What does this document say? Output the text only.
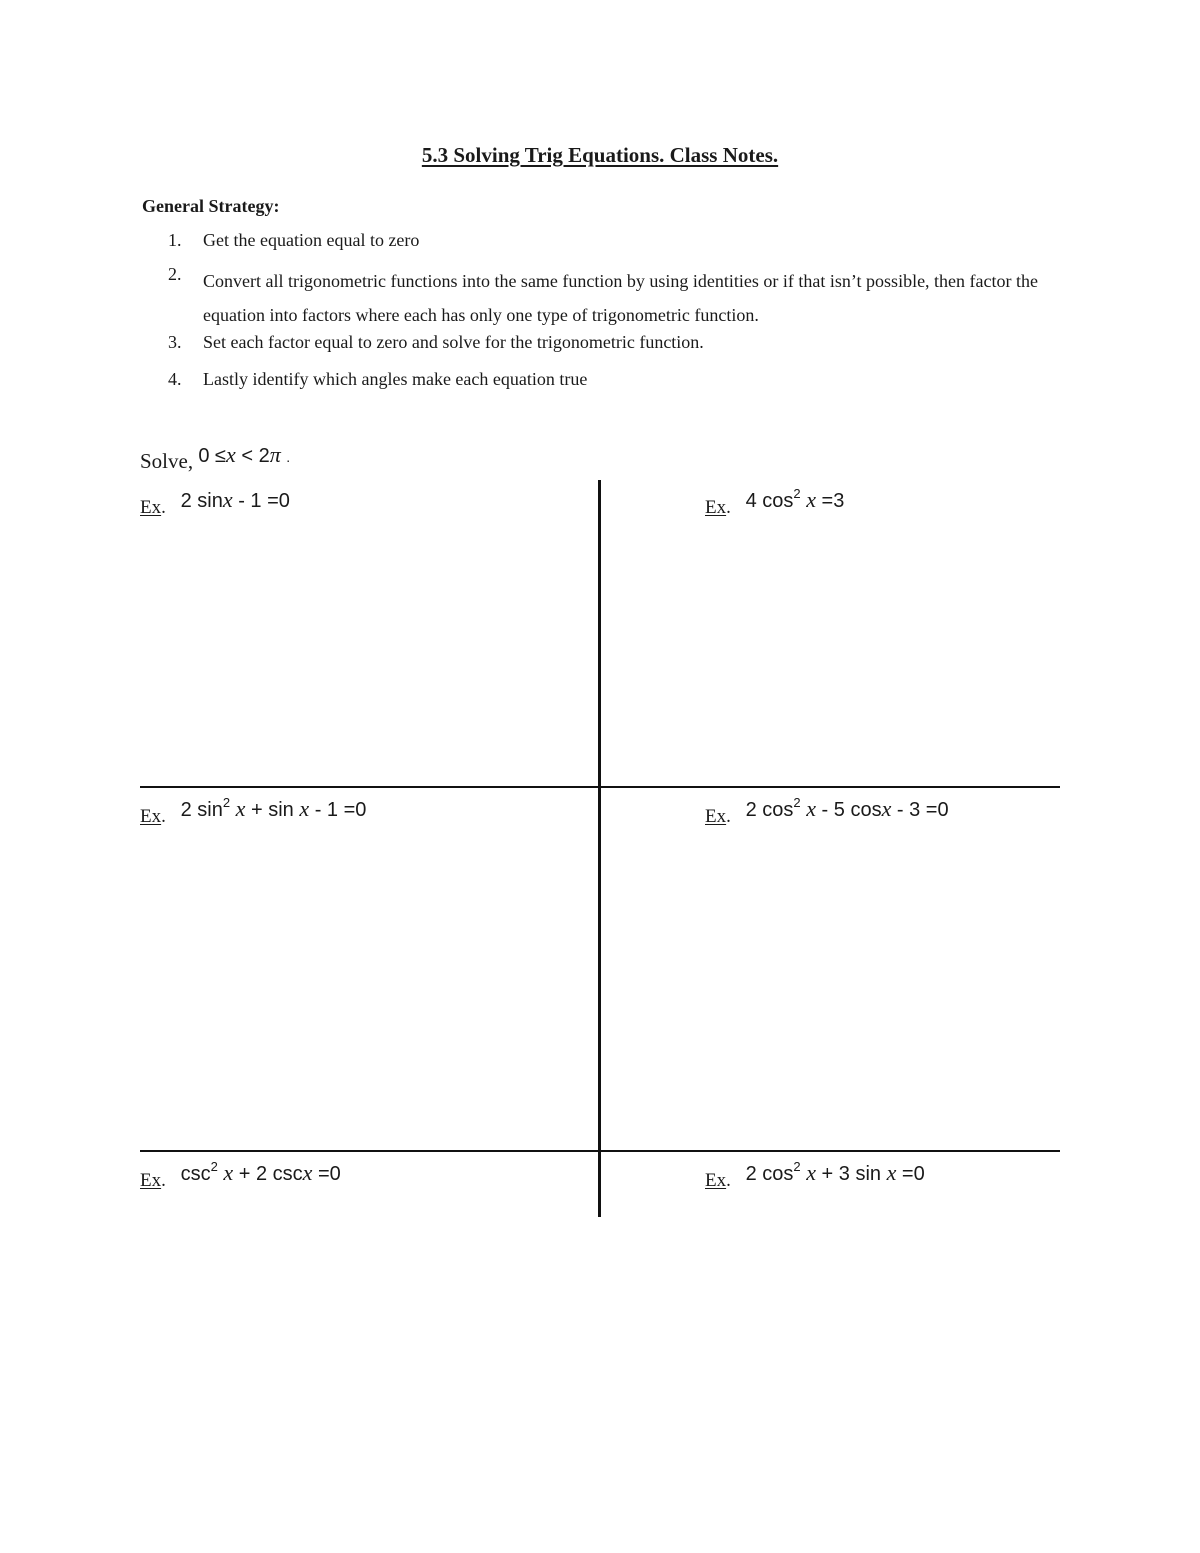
5.3 Solving Trig Equations. Class Notes.
General Strategy:
1. Get the equation equal to zero
2. Convert all trigonometric functions into the same function by using identities or if that isn’t possible, then factor the equation into factors where each has only one type of trigonometric function.
3. Set each factor equal to zero and solve for the trigonometric function.
4. Lastly identify which angles make each equation true
Solve, 0 ≤x < 2π .
Ex. 2 sinx - 1 =0	Ex. 4 $\cos^2 x =3$
Ex. 2 $\sin^2 x + \sin x - 1 =0$	Ex. 2 $\cos^2 x - 5$ cosx - 3 =0
Ex. $\csc^2 x + 2$ cscx =0	Ex. 2 $\cos^2 x + 3$ sin x =0
